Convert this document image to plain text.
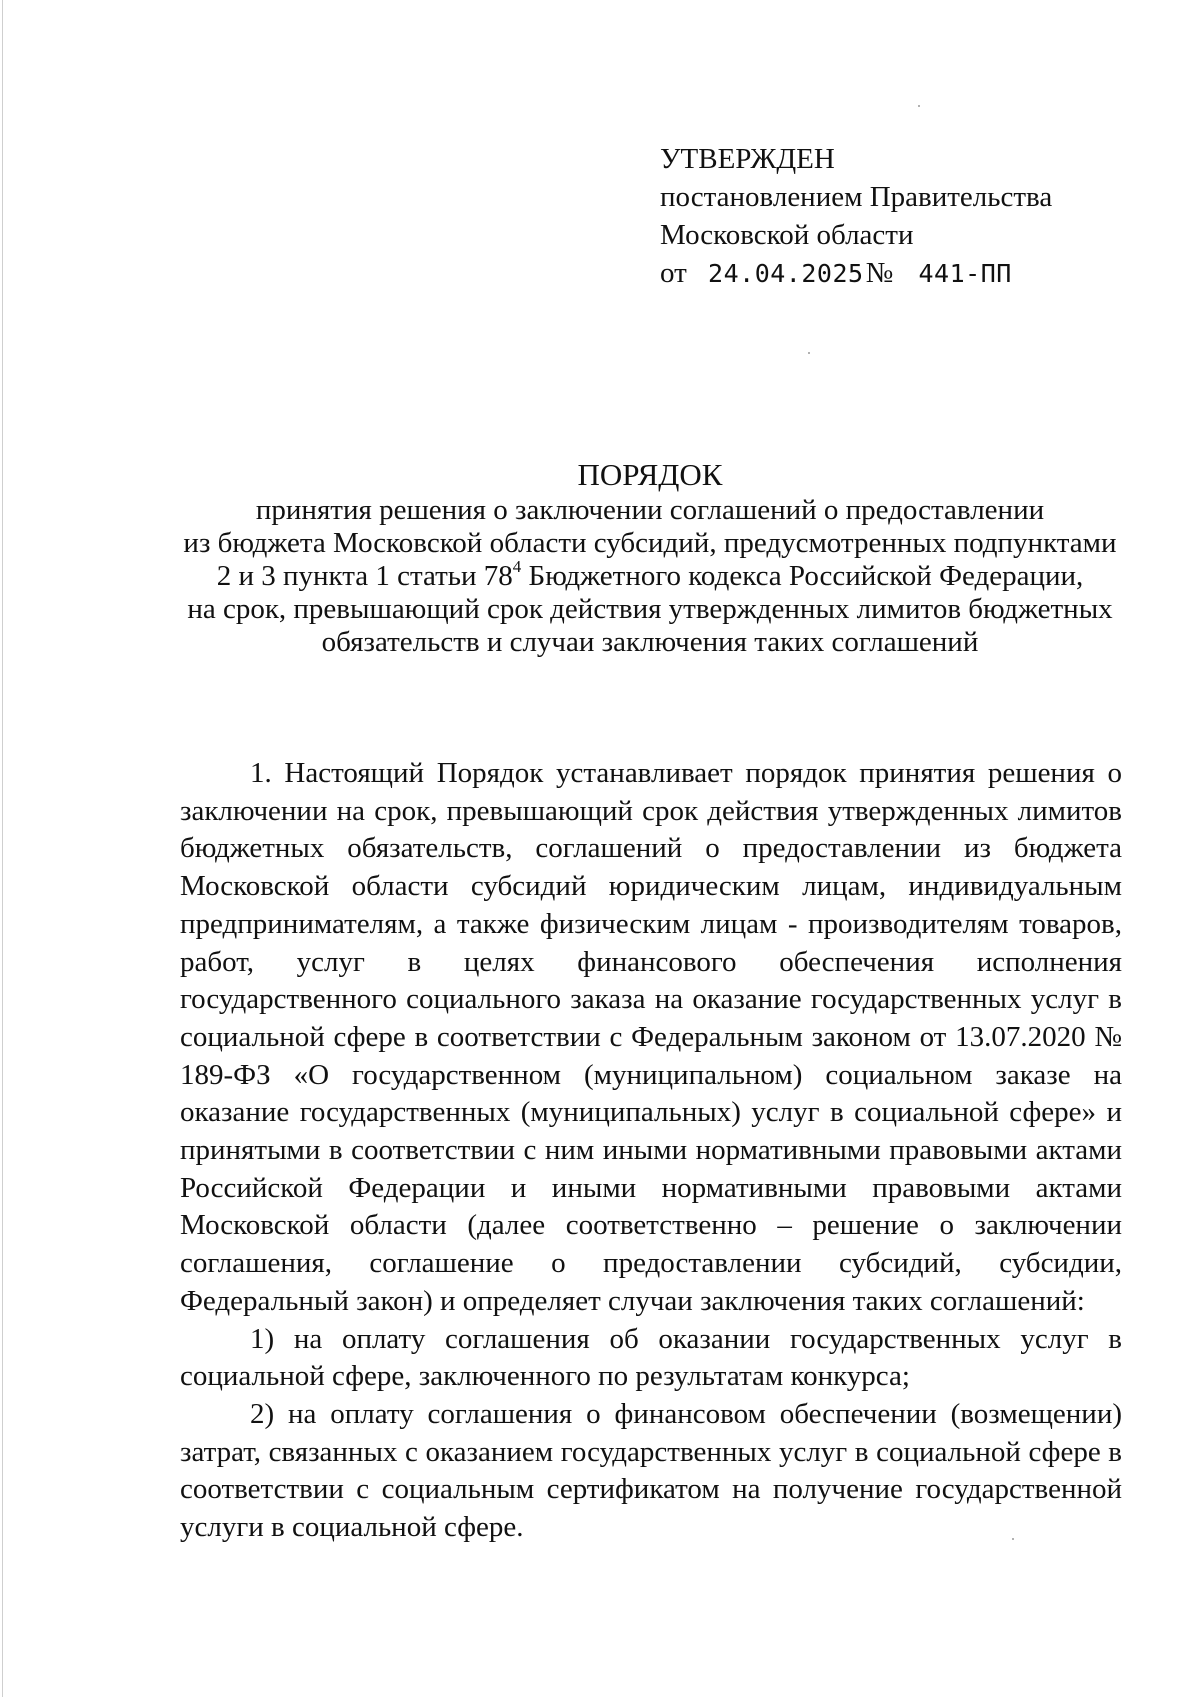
УТВЕРЖДЕН
постановлением Правительства
Московской области
от 24.04.2025№ 441-ПП
ПОРЯДОК
принятия решения о заключении соглашений о предоставлении
из бюджета Московской области субсидий, предусмотренных подпунктами
2 и 3 пункта 1 статьи $78^4$ Бюджетного кодекса Российской Федерации,
на срок, превышающий срок действия утвержденных лимитов бюджетных
обязательств и случаи заключения таких соглашений

1. Настоящий Порядок устанавливает порядок принятия решения о заключении на срок, превышающий срок действия утвержденных лимитов бюджетных обязательств, соглашений о предоставлении из бюджета Московской области субсидий юридическим лицам, индивидуальным предпринимателям, а также физическим лицам - производителям товаров, работ, услуг в целях финансового обеспечения исполнения государственного социального заказа на оказание государственных услуг в социальной сфере в соответствии с Федеральным законом от 13.07.2020 № 189-ФЗ «О государственном (муниципальном) социальном заказе на оказание государственных (муниципальных) услуг в социальной сфере» и принятыми в соответствии с ним иными нормативными правовыми актами Российской Федерации и иными нормативными правовыми актами Московской области (далее соответственно – решение о заключении соглашения, соглашение о предоставлении субсидий, субсидии, Федеральный закон) и определяет случаи заключения таких соглашений:

1) на оплату соглашения об оказании государственных услуг в социальной сфере, заключенного по результатам конкурса;

2) на оплату соглашения о финансовом обеспечении (возмещении) затрат, связанных с оказанием государственных услуг в социальной сфере в соответствии с социальным сертификатом на получение государственной услуги в социальной сфере.
